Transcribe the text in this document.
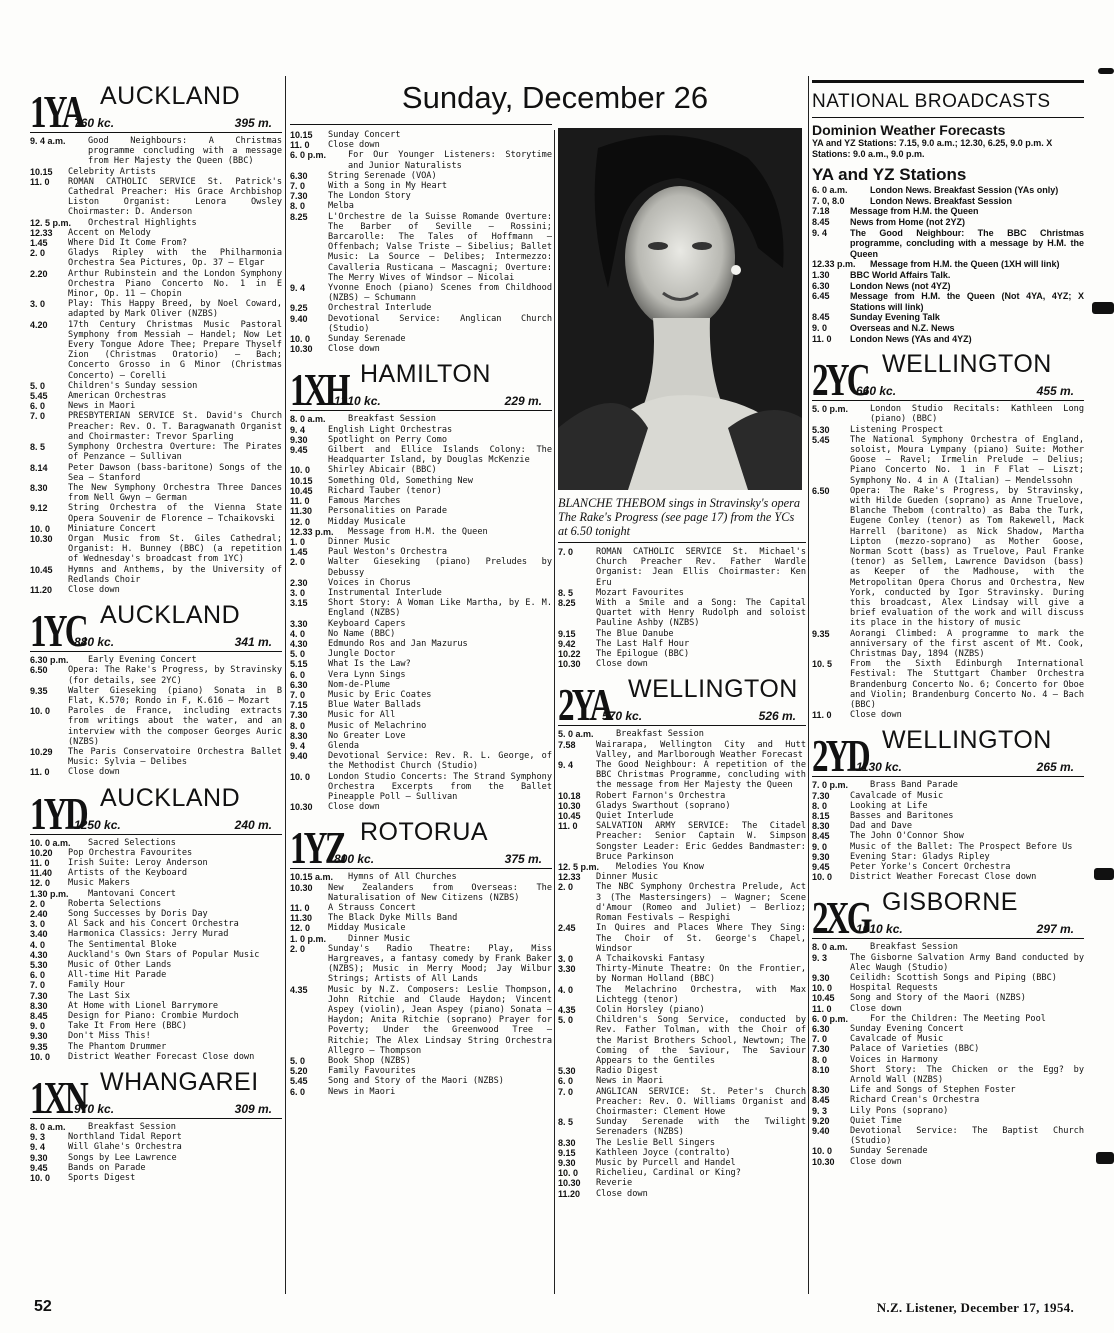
Sunday, December 26
1YA AUCKLAND
760 kc.	395 m.
9. 4 a.m.	Good Neighbours: A Christmas programme concluding with a message from Her Majesty the Queen (BBC)
10.15	Celebrity Artists
11. 0	ROMAN CATHOLIC SERVICE St. Patrick's Cathedral Preacher: His Grace Archbishop Liston Organist: Lenora Owsley Choirmaster: D. Anderson
12. 5 p.m.	Orchestral Highlights
12.33	Accent on Melody
1.45	Where Did It Come From?
2. 0	Gladys Ripley with the Philharmonia Orchestra Sea Pictures, Op. 37 — Elgar
2.20	Arthur Rubinstein and the London Symphony Orchestra Piano Concerto No. 1 in E Minor, Op. 11 — Chopin
3. 0	Play: This Happy Breed, by Noel Coward, adapted by Mark Oliver (NZBS)
4.20	17th Century Christmas Music Pastoral Symphony from Messiah — Handel; Now Let Every Tongue Adore Thee; Prepare Thyself Zion (Christmas Oratorio) — Bach; Concerto Grosso in G Minor (Christmas Concerto) — Corelli
5. 0	Children's Sunday session
5.45	American Orchestras
6. 0	News in Maori
7. 0	PRESBYTERIAN SERVICE St. David's Church Preacher: Rev. O. T. Baragwanath Organist and Choirmaster: Trevor Sparling
8. 5	Symphony Orchestra Overture: The Pirates of Penzance — Sullivan
8.14	Peter Dawson (bass-baritone) Songs of the Sea — Stanford
8.30	The New Symphony Orchestra Three Dances from Nell Gwyn — German
9.12	String Orchestra of the Vienna State Opera Souvenir de Florence — Tchaikovski
10. 0	Miniature Concert
10.30	Organ Music from St. Giles Cathedral; Organist: H. Bunney (BBC) (a repetition of Wednesday's broadcast from 1YC)
10.45	Hymns and Anthems, by the University of Redlands Choir
11.20	Close down
1YC AUCKLAND
880 kc.	341 m.
6.30 p.m.	Early Evening Concert
6.50	Opera: The Rake's Progress, by Stravinsky (for details, see 2YC)
9.35	Walter Gieseking (piano) Sonata in B Flat, K.570; Rondo in F, K.616 — Mozart
10. 0	Paroles de France, including extracts from writings about the water, and an interview with the composer Georges Auric (NZBS)
10.29	The Paris Conservatoire Orchestra Ballet Music: Sylvia — Delibes
11. 0	Close down
1YD AUCKLAND
1250 kc.	240 m.
10. 0 a.m.	Sacred Selections
10.20	Pop Orchestra Favourites
11. 0	Irish Suite: Leroy Anderson
11.40	Artists of the Keyboard
12. 0	Music Makers
1.30 p.m.	Mantovani Concert
2. 0	Roberta Selections
2.40	Song Successes by Doris Day
3. 0	Al Sack and his Concert Orchestra
3.40	Harmonica Classics: Jerry Murad
4. 0	The Sentimental Bloke
4.30	Auckland's Own Stars of Popular Music
5.30	Music of Other Lands
6. 0	All-time Hit Parade
7. 0	Family Hour
7.30	The Last Six
8.30	At Home with Lionel Barrymore
8.45	Design for Piano: Crombie Murdoch
9. 0	Take It From Here (BBC)
9.30	Don't Miss This!
9.35	The Phantom Drummer
10. 0	District Weather Forecast Close down
1XN WHANGAREI
970 kc.	309 m.
8. 0 a.m.	Breakfast Session
9. 3	Northland Tidal Report
9. 4	Will Glahe's Orchestra
9.30	Songs by Lee Lawrence
9.45	Bands on Parade
10. 0	Sports Digest
10.15	Sunday Concert
11. 0	Close down
6. 0 p.m.	For Our Younger Listeners: Storytime and Junior Naturalists
6.30	String Serenade (VOA)
7. 0	With a Song in My Heart
7.30	The London Story
8. 0	Melba
8.25	L'Orchestre de la Suisse Romande Overture: The Barber of Seville — Rossini; Barcarolle: The Tales of Hoffmann — Offenbach; Valse Triste — Sibelius; Ballet Music: La Source — Delibes; Intermezzo: Cavalleria Rusticana — Mascagni; Overture: The Merry Wives of Windsor — Nicolai
9. 4	Yvonne Enoch (piano) Scenes from Childhood (NZBS) — Schumann
9.25	Orchestral Interlude
9.40	Devotional Service: Anglican Church (Studio)
10. 0	Sunday Serenade
10.30	Close down
1XH HAMILTON
1310 kc.	229 m.
8. 0 a.m.	Breakfast Session
9. 4	English Light Orchestras
9.30	Spotlight on Perry Como
9.45	Gilbert and Ellice Islands Colony: The Headquarter Island, by Douglas McKenzie
10. 0	Shirley Abicair (BBC)
10.15	Something Old, Something New
10.45	Richard Tauber (tenor)
11. 0	Famous Marches
11.30	Personalities on Parade
12. 0	Midday Musicale
12.33 p.m.	Message from H.M. the Queen
1. 0	Dinner Music
1.45	Paul Weston's Orchestra
2. 0	Walter Gieseking (piano) Preludes by Debussy
2.30	Voices in Chorus
3. 0	Instrumental Interlude
3.15	Short Story: A Woman Like Martha, by E. M. England (NZBS)
3.30	Keyboard Capers
4. 0	No Name (BBC)
4.30	Edmundo Ros and Jan Mazurus
5. 0	Jungle Doctor
5.15	What Is the Law?
6. 0	Vera Lynn Sings
6.30	Nom-de-Plume
7. 0	Music by Eric Coates
7.15	Blue Water Ballads
7.30	Music for All
8. 0	Music of Melachrino
8.30	No Greater Love
9. 4	Glenda
9.40	Devotional Service: Rev. R. L. George, of the Methodist Church (Studio)
10. 0	London Studio Concerts: The Strand Symphony Orchestra Excerpts from the Ballet Pineapple Poll — Sullivan
10.30	Close down
1YZ ROTORUA
800 kc.	375 m.
10.15 a.m.	Hymns of All Churches
10.30	New Zealanders from Overseas: The Naturalisation of New Citizens (NZBS)
11. 0	A Strauss Concert
11.30	The Black Dyke Mills Band
12. 0	Midday Musicale
1. 0 p.m.	Dinner Music
2. 0	Sunday's Radio Theatre: Play, Miss Hargreaves, a fantasy comedy by Frank Baker (NZBS); Music in Merry Mood; Jay Wilbur Strings; Artists of All Lands
4.35	Music by N.Z. Composers: Leslie Thompson, John Ritchie and Claude Haydon; Vincent Aspey (violin), Jean Aspey (piano) Sonata — Haydon; Anita Ritchie (soprano) Prayer for Poverty; Under the Greenwood Tree — Ritchie; The Alex Lindsay String Orchestra Allegro — Thompson
5. 0	Book Shop (NZBS)
5.20	Family Favourites
5.45	Song and Story of the Maori (NZBS)
6. 0	News in Maori
BLANCHE THEBOM sings in Stravinsky's opera The Rake's Progress (see page 17) from the YCs at 6.50 tonight
7. 0	ROMAN CATHOLIC SERVICE St. Michael's Church Preacher Rev. Father Wardle Organist: Jean Ellis Choirmaster: Ken Eru
8. 5	Mozart Favourites
8.25	With a Smile and a Song: The Capital Quartet with Henry Rudolph and soloist Pauline Ashby (NZBS)
9.15	The Blue Danube
9.42	The Last Half Hour
10.22	The Epilogue (BBC)
10.30	Close down
2YA WELLINGTON
570 kc.	526 m.
5. 0 a.m.	Breakfast Session
7.58	Wairarapa, Wellington City and Hutt Valley, and Marlborough Weather Forecast
9. 4	The Good Neighbour: A repetition of the BBC Christmas Programme, concluding with the message from Her Majesty the Queen
10.18	Robert Farnon's Orchestra
10.30	Gladys Swarthout (soprano)
10.45	Quiet Interlude
11. 0	SALVATION ARMY SERVICE: The Citadel Preacher: Senior Captain W. Simpson Songster Leader: Eric Geddes Bandmaster: Bruce Parkinson
12. 5 p.m.	Melodies You Know
12.33	Dinner Music
2. 0	The NBC Symphony Orchestra Prelude, Act 3 (The Mastersingers) — Wagner; Scene d'Amour (Romeo and Juliet) — Berlioz; Roman Festivals — Respighi
2.45	In Quires and Places Where They Sing: The Choir of St. George's Chapel, Windsor
3. 0	A Tchaikovski Fantasy
3.30	Thirty-Minute Theatre: On the Frontier, by Norman Holland (BBC)
4. 0	The Melachrino Orchestra, with Max Lichtegg (tenor)
4.35	Colin Horsley (piano)
5. 0	Children's Song Service, conducted by Rev. Father Tolman, with the Choir of the Marist Brothers School, Newtown; The Coming of the Saviour, The Saviour Appears to the Gentiles
5.30	Radio Digest
6. 0	News in Maori
7. 0	ANGLICAN SERVICE: St. Peter's Church Preacher: Rev. O. Williams Organist and Choirmaster: Clement Howe
8. 5	Sunday Serenade with the Twilight Serenaders (NZBS)
8.30	The Leslie Bell Singers
9.15	Kathleen Joyce (contralto)
9.30	Music by Purcell and Handel
10. 0	Richelieu, Cardinal or King?
10.30	Reverie
11.20	Close down
NATIONAL BROADCASTS
Dominion Weather Forecasts
YA and YZ Stations: 7.15, 9.0 a.m.; 12.30, 6.25, 9.0 p.m. X Stations: 9.0 a.m., 9.0 p.m.
YA and YZ Stations
6. 0 a.m.	London News. Breakfast Session (YAs only)
7. 0, 8.0	London News. Breakfast Session
7.18	Message from H.M. the Queen
8.45	News from Home (not 2YZ)
9. 4	The Good Neighbour: The BBC Christmas programme, concluding with a message by H.M. the Queen
12.33 p.m.	Message from H.M. the Queen (1XH will link)
1.30	BBC World Affairs Talk.
6.30	London News (not 4YZ)
6.45	Message from H.M. the Queen (Not 4YA, 4YZ; X Stations will link)
8.45	Sunday Evening Talk
9. 0	Overseas and N.Z. News
11. 0	London News (YAs and 4YZ)
2YC WELLINGTON
660 kc.	455 m.
5. 0 p.m.	London Studio Recitals: Kathleen Long (piano) (BBC)
5.30	Listening Prospect
5.45	The National Symphony Orchestra of England, soloist, Moura Lympany (piano) Suite: Mother Goose — Ravel; Irmelin Prelude — Delius; Piano Concerto No. 1 in F Flat — Liszt; Symphony No. 4 in A (Italian) — Mendelssohn
6.50	Opera: The Rake's Progress, by Stravinsky, with Hilde Gueden (soprano) as Anne Truelove, Blanche Thebom (contralto) as Baba the Turk, Eugene Conley (tenor) as Tom Rakewell, Mack Harrell (baritone) as Nick Shadow, Martha Lipton (mezzo-soprano) as Mother Goose, Norman Scott (bass) as Truelove, Paul Franke (tenor) as Sellem, Lawrence Davidson (bass) as Keeper of the Madhouse, with the Metropolitan Opera Chorus and Orchestra, New York, conducted by Igor Stravinsky. During this broadcast, Alex Lindsay will give a brief evaluation of the work and will discuss its place in the history of music
9.35	Aorangi Climbed: A programme to mark the anniversary of the first ascent of Mt. Cook, Christmas Day, 1894 (NZBS)
10. 5	From the Sixth Edinburgh International Festival: The Stuttgart Chamber Orchestra Brandenburg Concerto No. 6; Concerto for Oboe and Violin; Brandenburg Concerto No. 4 — Bach (BBC)
11. 0	Close down
2YD WELLINGTON
1130 kc.	265 m.
7. 0 p.m.	Brass Band Parade
7.30	Cavalcade of Music
8. 0	Looking at Life
8.15	Basses and Baritones
8.30	Dad and Dave
8.45	The John O'Connor Show
9. 0	Music of the Ballet: The Prospect Before Us
9.30	Evening Star: Gladys Ripley
9.45	Peter Yorke's Concert Orchestra
10. 0	District Weather Forecast Close down
2XG GISBORNE
1010 kc.	297 m.
8. 0 a.m.	Breakfast Session
9. 3	The Gisborne Salvation Army Band conducted by Alec Waugh (Studio)
9.30	Ceilidh: Scottish Songs and Piping (BBC)
10. 0	Hospital Requests
10.45	Song and Story of the Maori (NZBS)
11. 0	Close down
6. 0 p.m.	For the Children: The Meeting Pool
6.30	Sunday Evening Concert
7. 0	Cavalcade of Music
7.30	Palace of Varieties (BBC)
8. 0	Voices in Harmony
8.10	Short Story: The Chicken or the Egg? by Arnold Wall (NZBS)
8.30	Life and Songs of Stephen Foster
8.45	Richard Crean's Orchestra
9. 3	Lily Pons (soprano)
9.20	Quiet Time
9.40	Devotional Service: The Baptist Church (Studio)
10. 0	Sunday Serenade
10.30	Close down
52	N.Z. Listener, December 17, 1954.
